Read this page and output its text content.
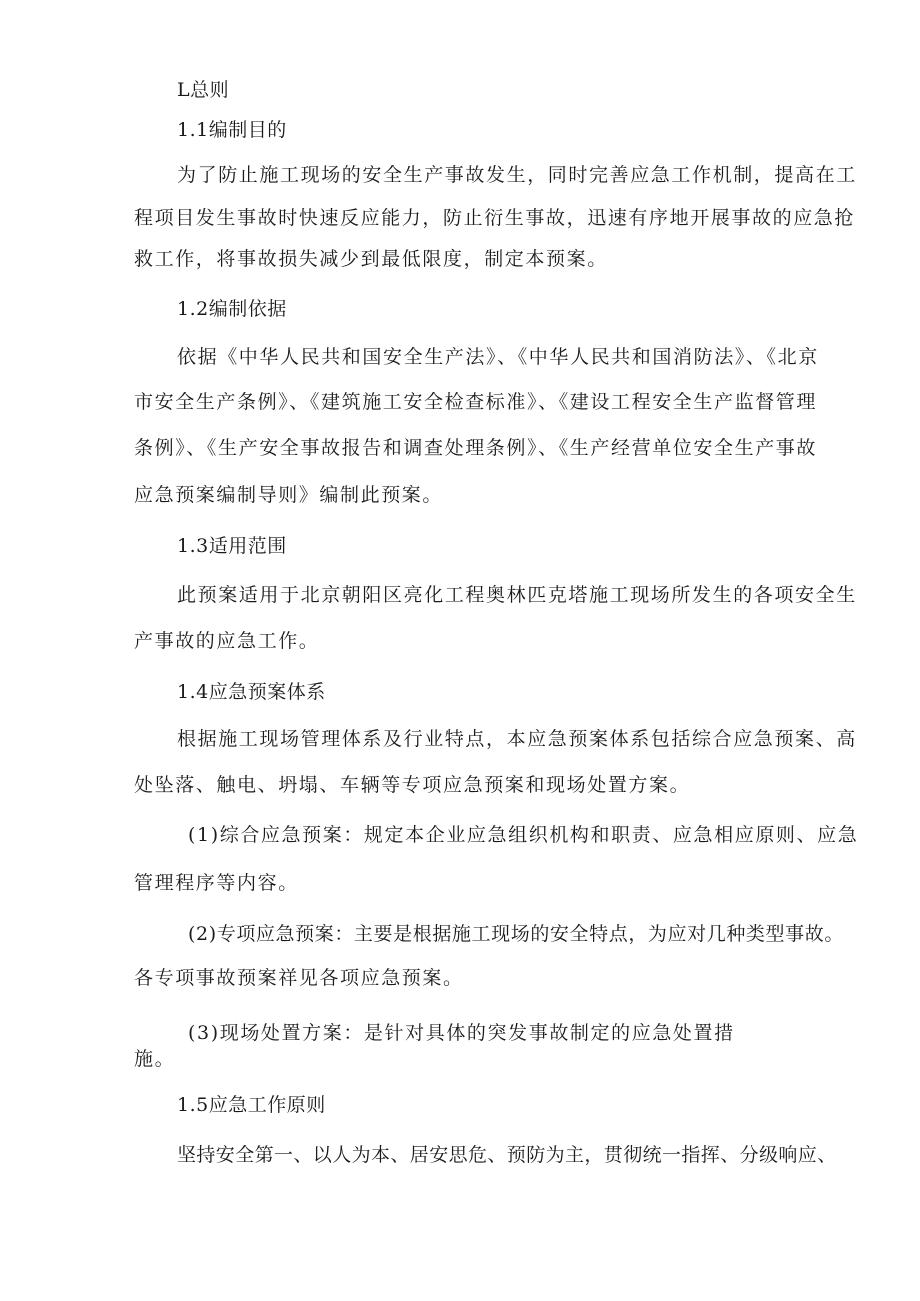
L总则
1.1编制目的
为了防止施工现场的安全生产事故发生，同时完善应急工作机制，提高在工
程项目发生事故时快速反应能力，防止衍生事故，迅速有序地开展事故的应急抢
救工作，将事故损失减少到最低限度，制定本预案。
1.2编制依据
依据《中华人民共和国安全生产法》、《中华人民共和国消防法》、《北京
市安全生产条例》、《建筑施工安全检查标准》、《建设工程安全生产监督管理
条例》、《生产安全事故报告和调查处理条例》、《生产经营单位安全生产事故
应急预案编制导则》编制此预案。
1.3适用范围
此预案适用于北京朝阳区亮化工程奥林匹克塔施工现场所发生的各项安全生
产事故的应急工作。
1.4应急预案体系
根据施工现场管理体系及行业特点，本应急预案体系包括综合应急预案、高
处坠落、触电、坍塌、车辆等专项应急预案和现场处置方案。
(1)综合应急预案：规定本企业应急组织机构和职责、应急相应原则、应急
管理程序等内容。
(2)专项应急预案：主要是根据施工现场的安全特点，为应对几种类型事故。
各专项事故预案祥见各项应急预案。
(3)现场处置方案：是针对具体的突发事故制定的应急处置措
施。
1.5应急工作原则
坚持安全第一、以人为本、居安思危、预防为主，贯彻统一指挥、分级响应、
